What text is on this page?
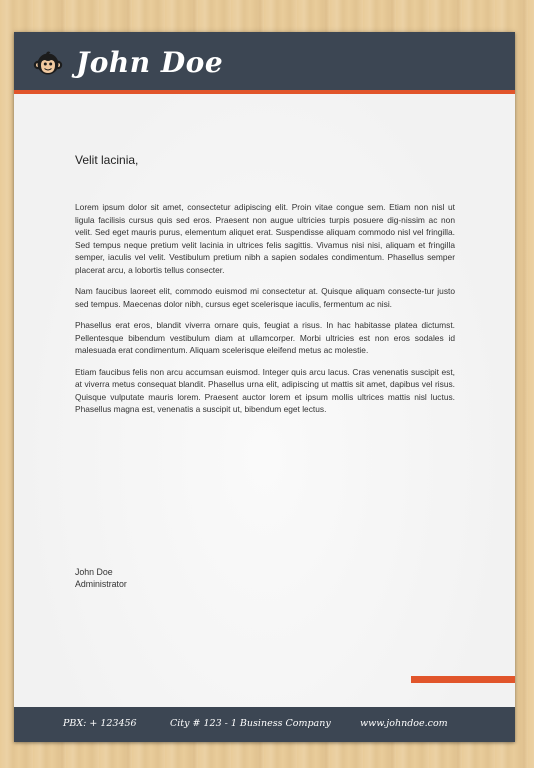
John Doe
Velit lacinia,

Lorem ipsum dolor sit amet, consectetur adipiscing elit. Proin vitae congue sem. Etiam non nisl ut ligula facilisis cursus quis sed eros. Praesent non augue ultricies turpis posuere dig-nissim ac non velit. Sed eget mauris purus, elementum aliquet erat. Suspendisse aliquam commodo nisl vel fringilla. Sed tempus neque pretium velit lacinia in ultrices felis sagittis. Vivamus nisi nisi, aliquam et fringilla semper, iaculis vel velit. Vestibulum pretium nibh a sapien sodales condimentum. Phasellus semper placerat arcu, a lobortis tellus consecter.

Nam faucibus laoreet elit, commodo euismod mi consectetur at. Quisque aliquam consecte-tur justo sed tempus. Maecenas dolor nibh, cursus eget scelerisque iaculis, fermentum ac nisi.

Phasellus erat eros, blandit viverra ornare quis, feugiat a risus. In hac habitasse platea dictumst. Pellentesque bibendum vestibulum diam at ullamcorper. Morbi ultricies est non eros sodales id malesuada erat condimentum. Aliquam scelerisque eleifend metus ac molestie.

Etiam faucibus felis non arcu accumsan euismod. Integer quis arcu lacus. Cras venenatis suscipit est, at viverra metus consequat blandit. Phasellus urna elit, adipiscing ut mattis sit amet, dapibus vel risus. Quisque vulputate mauris lorem. Praesent auctor lorem et ipsum mollis ultrices mattis nisl luctus. Phasellus magna est, venenatis a suscipit ut, bibendum eget lectus.

John Doe
Administrator
PBX: + 123456	City # 123 - 1 Business Company	www.johndoe.com
